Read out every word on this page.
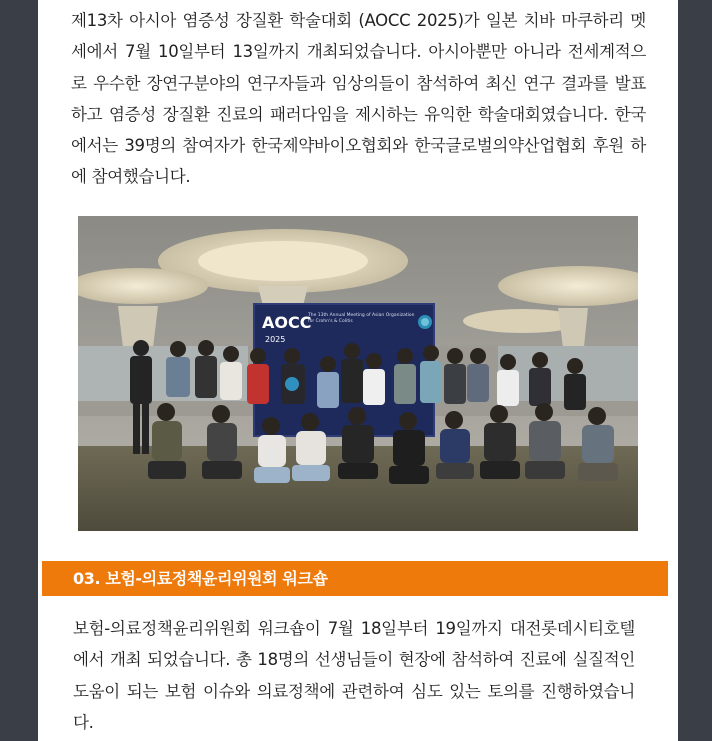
제13차 아시아 염증성 장질환 학술대회 (AOCC 2025)가 일본 치바 마쿠하리 멧세에서 7월 10일부터 13일까지 개최되었습니다. 아시아뿐만 아니라 전세계적으로 우수한 장연구분야의 연구자들과 임상의들이 참석하여 최신 연구 결과를 발표하고 염증성 장질환 진료의 패러다임을 제시하는 유익한 학술대회였습니다. 한국에서는 39명의 참여자가 한국제약바이오협회와 한국글로벌의약산업협회 후원 하에 참여했습니다.

AOCC
2025
The 13th Annual Meeting of Asian Organization
for Crohn's & Colitis
03. 보험-의료정책윤리위원회 워크숍

보험-의료정책윤리위원회 워크숍이 7월 18일부터 19일까지 대전롯데시티호텔에서 개최 되었습니다. 총 18명의 선생님들이 현장에 참석하여 진료에 실질적인 도움이 되는 보험 이슈와 의료정책에 관련하여 심도 있는 토의를 진행하였습니다.
